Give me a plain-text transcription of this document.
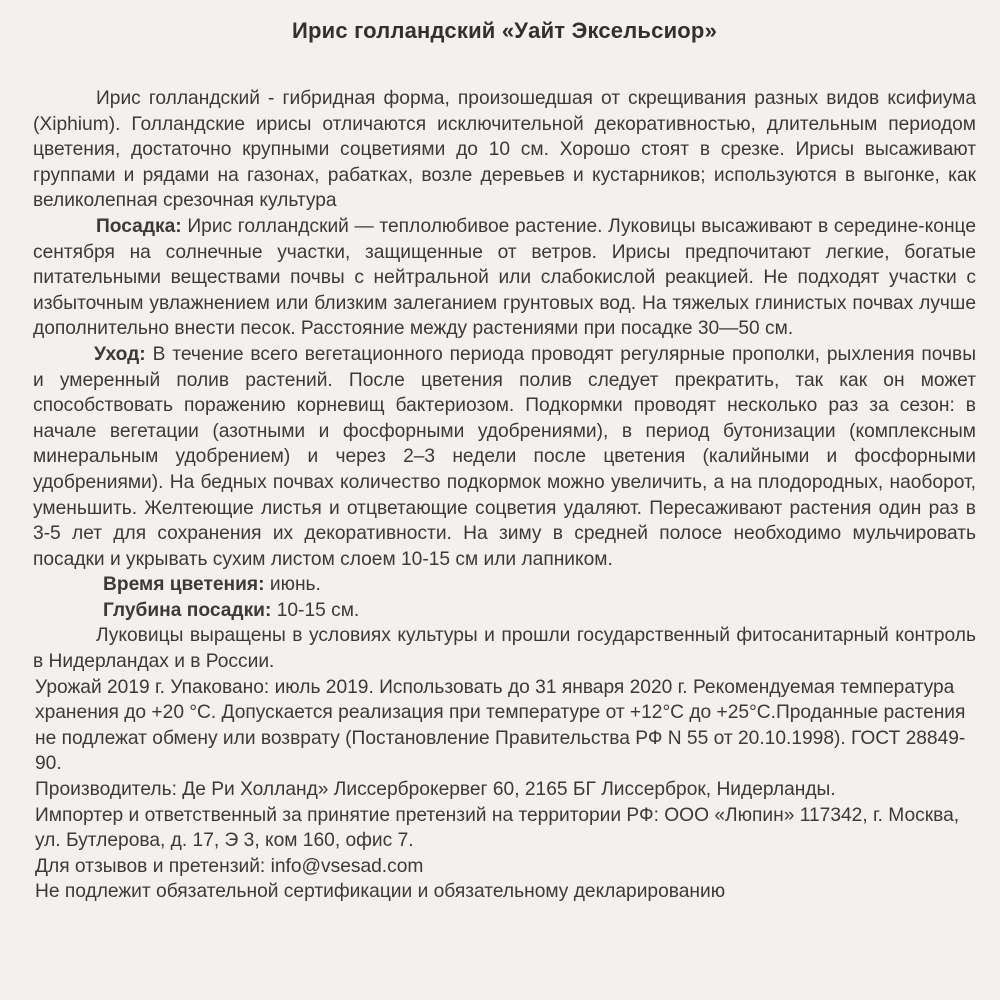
Ирис голландский «Уайт Эксельсиор»

Ирис голландский - гибридная форма, произошедшая от скрещивания разных видов ксифиума (Xiphium). Голландские ирисы отличаются исключительной декоративностью, длительным периодом цветения, достаточно крупными соцветиями до 10 см. Хорошо стоят в срезке. Ирисы высаживают группами и рядами на газонах, рабатках, возле деревьев и кустарников; используются в выгонке, как великолепная срезочная культура

Посадка: Ирис голландский — теплолюбивое растение. Луковицы высаживают в середине-конце сентября на солнечные участки, защищенные от ветров. Ирисы предпочитают легкие, богатые питательными веществами почвы с нейтральной или слабокислой реакцией. Не подходят участки с избыточным увлажнением или близким залеганием грунтовых вод. На тяжелых глинистых почвах лучше дополнительно внести песок. Расстояние между растениями при посадке 30—50 см.

Уход: В течение всего вегетационного периода проводят регулярные прополки, рыхления почвы и умеренный полив растений. После цветения полив следует прекратить, так как он может способствовать поражению корневищ бактериозом. Подкормки проводят несколько раз за сезон: в начале вегетации (азотными и фосфорными удобрениями), в период бутонизации (комплексным минеральным удобрением) и через 2–3 недели после цветения (калийными и фосфорными удобрениями). На бедных почвах количество подкормок можно увеличить, а на плодородных, наоборот, уменьшить. Желтеющие листья и отцветающие соцветия удаляют. Пересаживают растения один раз в 3-5 лет для сохранения их декоративности. На зиму в средней полосе необходимо мульчировать посадки и укрывать сухим листом слоем 10-15 см или лапником.

Время цветения: июнь.

Глубина посадки: 10-15 см.

Луковицы выращены в условиях культуры и прошли государственный фитосанитарный контроль в Нидерландах и в России.

Урожай 2019 г. Упаковано: июль 2019. Использовать до 31 января 2020 г. Рекомендуемая температура хранения до +20 °С. Допускается реализация при температуре от +12°С до +25°С.Проданные растения не подлежат обмену или возврату (Постановление Правительства РФ N 55 от 20.10.1998). ГОСТ 28849-90.

Производитель: Де Ри Холланд» Лиссерброкервег 60, 2165 БГ Лиссерброк, Нидерланды.

Импортер и ответственный за принятие претензий на территории РФ: ООО «Люпин» 117342, г. Москва, ул. Бутлерова, д. 17, Э 3, ком 160, офис 7.

Для отзывов и претензий: info@vsesad.com

Не подлежит обязательной сертификации и обязательному декларированию
